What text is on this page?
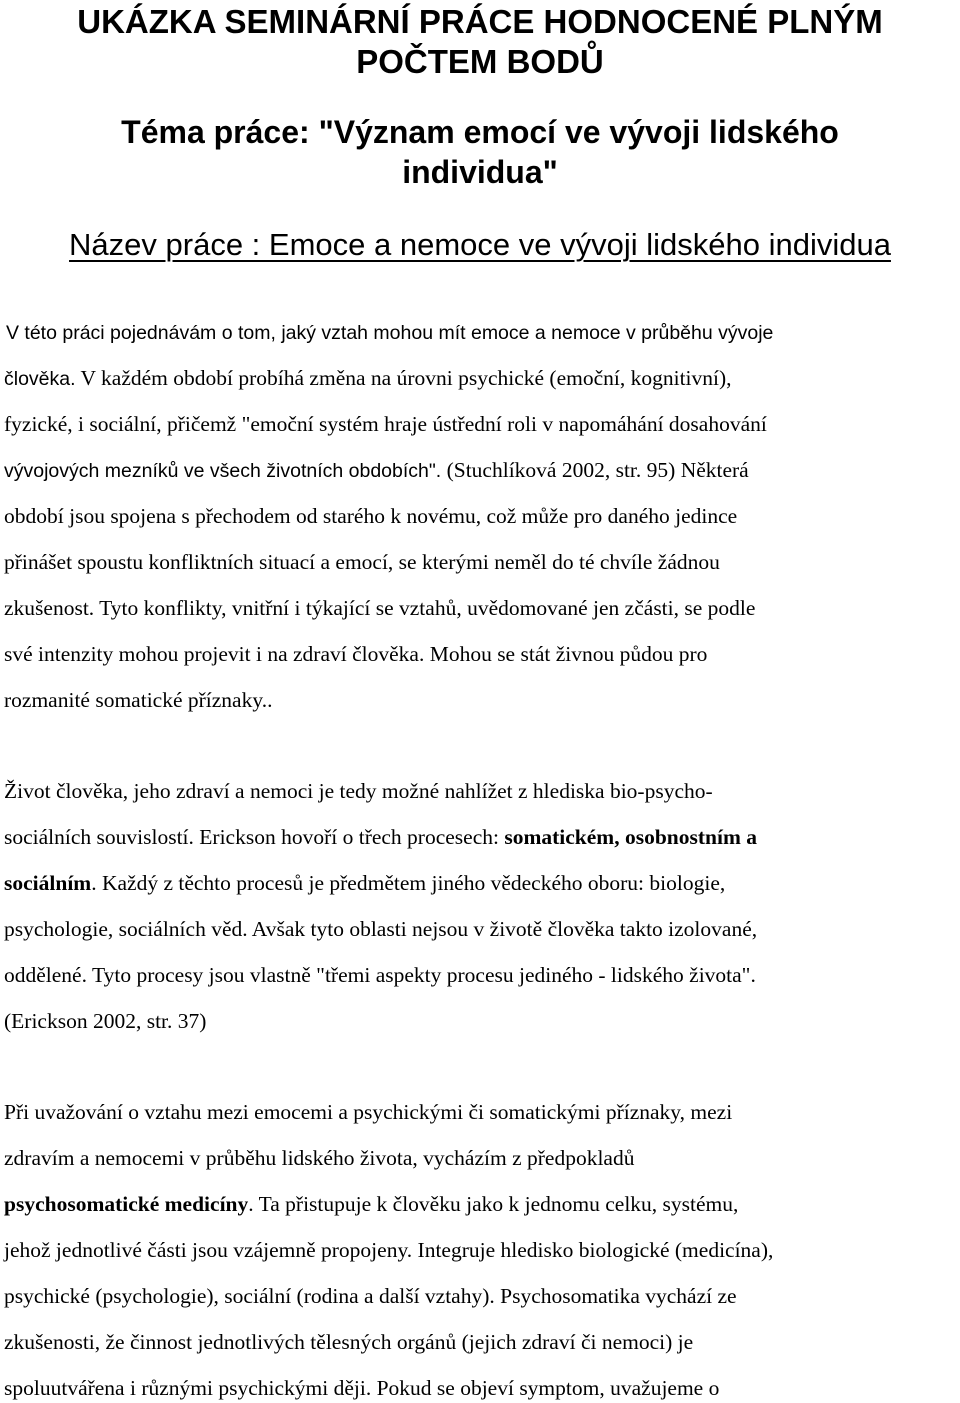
UKÁZKA SEMINÁRNÍ PRÁCE HODNOCENÉ PLNÝM
POČTEM BODŮ
Téma práce: "Význam emocí ve vývoji lidského
individua"
Název práce : Emoce a nemoce ve vývoji lidského individua
V této práci pojednávám o tom, jaký vztah mohou mít emoce a nemoce v průběhu vývoje
člověka. V každém období probíhá změna na úrovni psychické (emoční, kognitivní),
fyzické, i sociální, přičemž "emoční systém hraje ústřední roli v napomáhání dosahování
vývojových mezníků ve všech životních obdobích". (Stuchlíková 2002, str. 95) Některá
období jsou spojena s přechodem od starého k novému, což může pro daného jedince
přinášet spoustu konfliktních situací a emocí, se kterými neměl do té chvíle žádnou
zkušenost. Tyto konflikty, vnitřní i týkající se vztahů, uvědomované jen zčásti, se podle
své intenzity mohou projevit i na zdraví člověka. Mohou se stát živnou půdou pro
rozmanité somatické příznaky..
Život člověka, jeho zdraví a nemoci je tedy možné nahlížet z hlediska bio-psycho-
sociálních souvislostí. Erickson hovoří o třech procesech: somatickém, osobnostním a
sociálním. Každý z těchto procesů je předmětem jiného vědeckého oboru: biologie,
psychologie, sociálních věd. Avšak tyto oblasti nejsou v životě člověka takto izolované,
oddělené. Tyto procesy jsou vlastně "třemi aspekty procesu jediného - lidského života".
(Erickson 2002, str. 37)
Při uvažování o vztahu mezi emocemi a psychickými či somatickými příznaky, mezi
zdravím a nemocemi v průběhu lidského života, vycházím z předpokladů
psychosomatické medicíny. Ta přistupuje k člověku jako k jednomu celku, systému,
jehož jednotlivé části jsou vzájemně propojeny. Integruje hledisko biologické (medicína),
psychické (psychologie), sociální (rodina a další vztahy). Psychosomatika vychází ze
zkušenosti, že činnost jednotlivých tělesných orgánů (jejich zdraví či nemoci) je
spoluutvářena i různými psychickými ději. Pokud se objeví symptom, uvažujeme o
